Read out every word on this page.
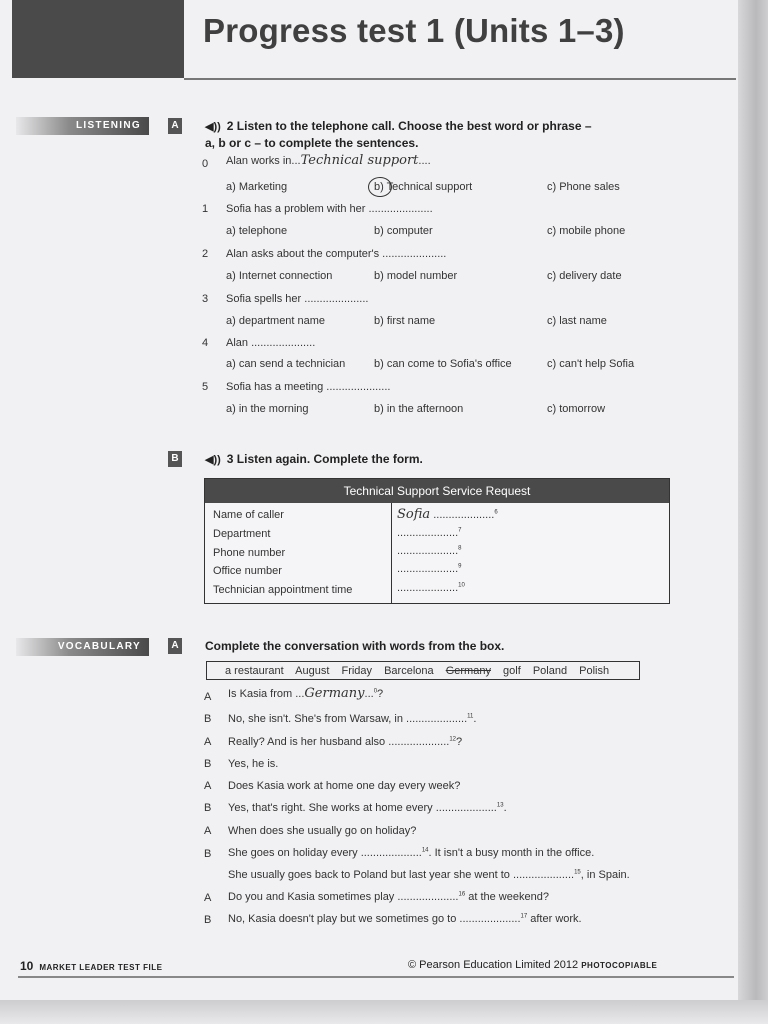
Progress test 1 (Units 1–3)
LISTENING	A	◀)) 2 Listen to the telephone call. Choose the best word or phrase –
a, b or c – to complete the sentences.
0 Alan works in...Technical support....
a) Marketing	b) Technical support	c) Phone sales
1 Sofia has a problem with her .....................
a) telephone	b) computer	c) mobile phone
2 Alan asks about the computer's .....................
a) Internet connection	b) model number	c) delivery date
3 Sofia spells her .....................
a) department name	b) first name	c) last name
4 Alan .....................
a) can send a technician	b) can come to Sofia's office	c) can't help Sofia
5 Sofia has a meeting .....................
a) in the morning	b) in the afternoon	c) tomorrow
B	◀)) 3 Listen again. Complete the form.
Technical Support Service Request
Name of caller	Sofia ....................$^6$
Department	....................$^7$
Phone number	....................$^8$
Office number	....................$^9$
Technician appointment time	....................$^{10}$
VOCABULARY	A Complete the conversation with words from the box.
a restaurant August Friday Barcelona Germany golf Poland Polish
A Is Kasia from ...Germany...$^0$?
B No, she isn't. She's from Warsaw, in ....................$^{11}$.
A Really? And is her husband also ....................$^{12}$?
B Yes, he is.
A Does Kasia work at home one day every week?
B Yes, that's right. She works at home every ....................$^{13}$.
A When does she usually go on holiday?
B She goes on holiday every ....................$^{14}$. It isn't a busy month in the office.
She usually goes back to Poland but last year she went to ....................$^{15}$, in Spain.
A Do you and Kasia sometimes play ....................$^{16}$ at the weekend?
B No, Kasia doesn't play but we sometimes go to ....................$^{17}$ after work.
10 MARKET LEADER TEST FILE	© Pearson Education Limited 2012 PHOTOCOPIABLE
